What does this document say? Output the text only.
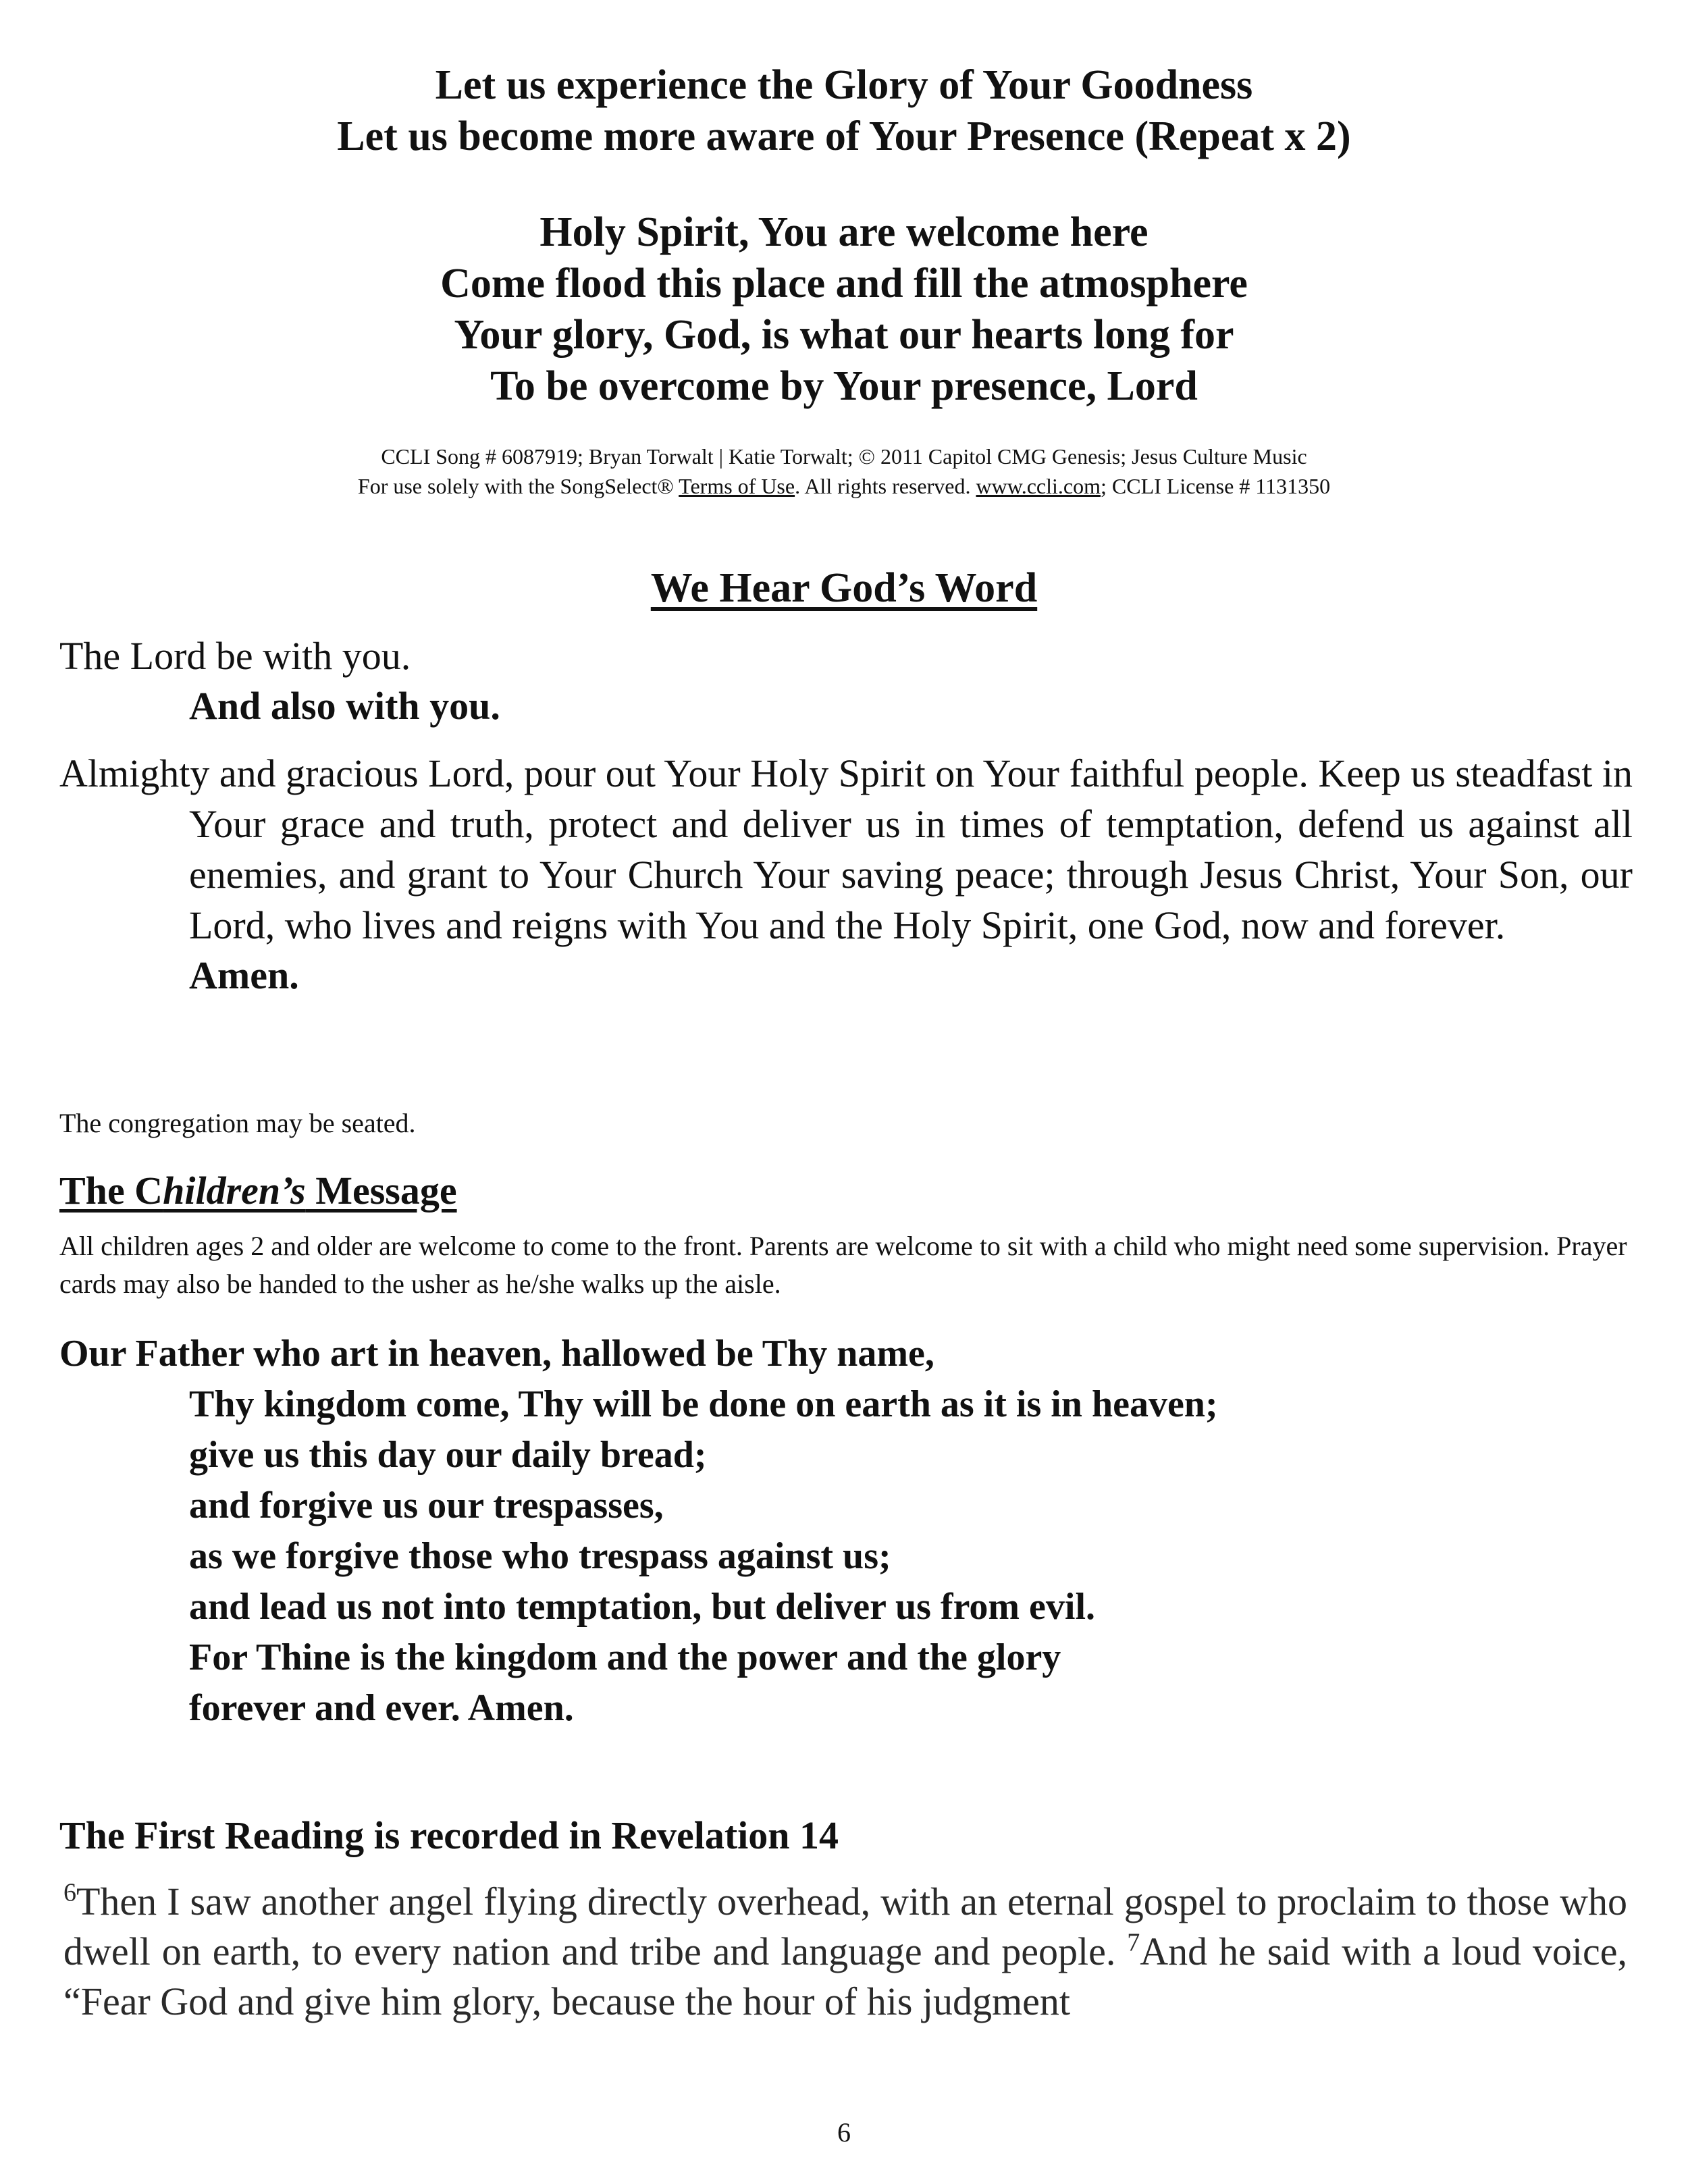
Let us experience the Glory of Your Goodness
Let us become more aware of Your Presence (Repeat x 2)
Holy Spirit, You are welcome here
Come flood this place and fill the atmosphere
Your glory, God, is what our hearts long for
To be overcome by Your presence, Lord
CCLI Song # 6087919; Bryan Torwalt | Katie Torwalt; © 2011 Capitol CMG Genesis; Jesus Culture Music
For use solely with the SongSelect® Terms of Use. All rights reserved. www.ccli.com; CCLI License # 1131350
We Hear God’s Word
The Lord be with you.
And also with you.
Almighty and gracious Lord, pour out Your Holy Spirit on Your faithful people. Keep us steadfast in Your grace and truth, protect and deliver us in times of temptation, defend us against all enemies, and grant to Your Church Your saving peace; through Jesus Christ, Your Son, our Lord, who lives and reigns with You and the Holy Spirit, one God, now and forever.
Amen.
The congregation may be seated.
The Children’s Message
All children ages 2 and older are welcome to come to the front. Parents are welcome to sit with a child who might need some supervision. Prayer cards may also be handed to the usher as he/she walks up the aisle.
Our Father who art in heaven, hallowed be Thy name,
Thy kingdom come, Thy will be done on earth as it is in heaven;
give us this day our daily bread;
and forgive us our trespasses,
as we forgive those who trespass against us;
and lead us not into temptation, but deliver us from evil.
For Thine is the kingdom and the power and the glory
forever and ever. Amen.
The First Reading is recorded in Revelation 14
$^6$Then I saw another angel flying directly overhead, with an eternal gospel to proclaim to those who dwell on earth, to every nation and tribe and language and people. $^7$And he said with a loud voice, “Fear God and give him glory, because the hour of his judgment
6
